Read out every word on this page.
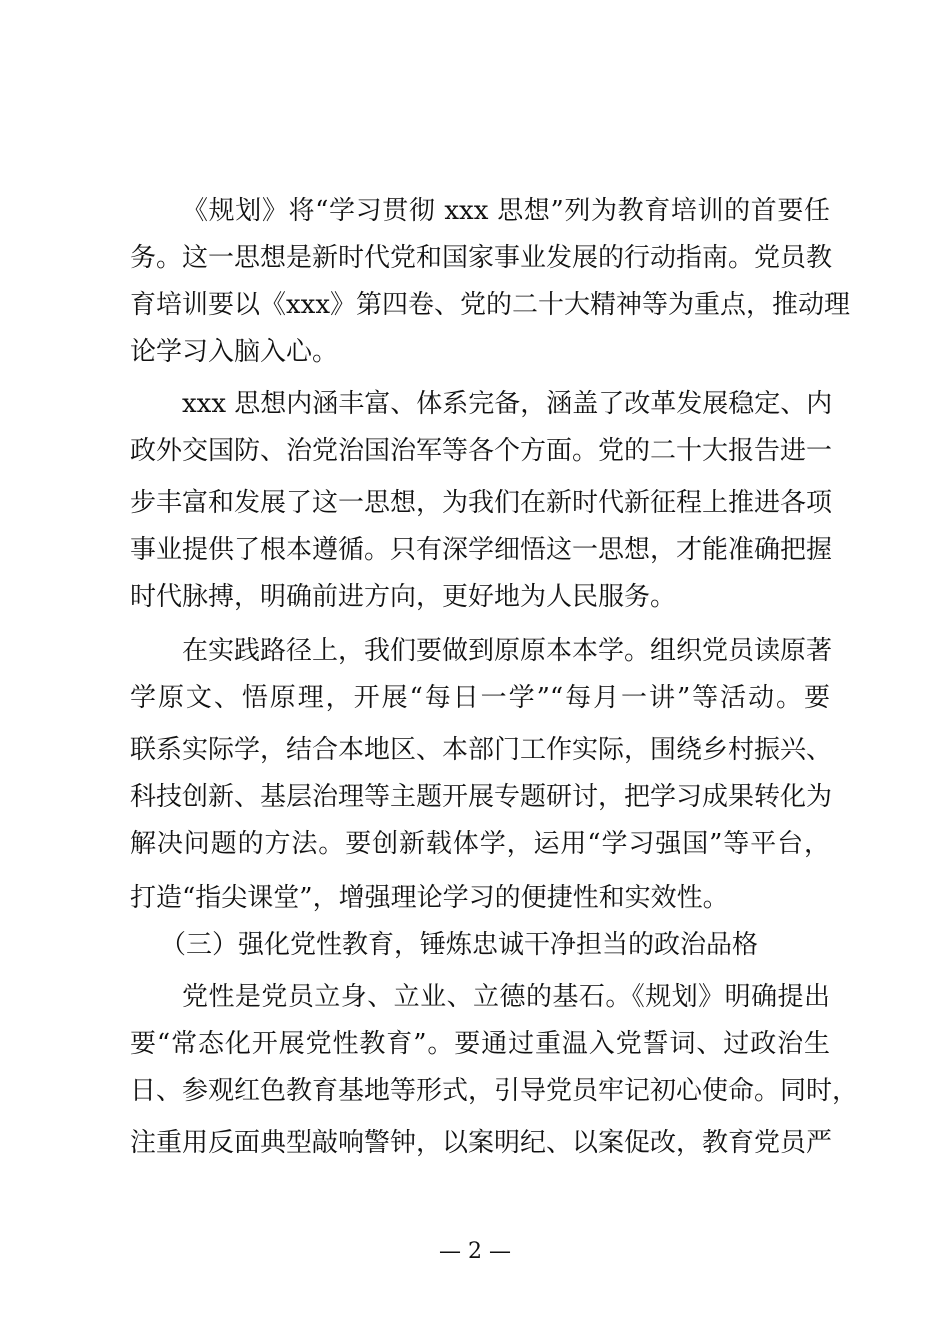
《规划》将“学习贯彻 xxx 思想”列为教育培训的首要任
务。这一思想是新时代党和国家事业发展的行动指南。党员教
育培训要以《xxx》第四卷、党的二十大精神等为重点，推动理
论学习入脑入心。
xxx 思想内涵丰富、体系完备，涵盖了改革发展稳定、内
政外交国防、治党治国治军等各个方面。党的二十大报告进一
步丰富和发展了这一思想，为我们在新时代新征程上推进各项
事业提供了根本遵循。只有深学细悟这一思想，才能准确把握
时代脉搏，明确前进方向，更好地为人民服务。
在实践路径上，我们要做到原原本本学。组织党员读原著
学原文、悟原理，开展“每日一学”“每月一讲”等活动。要
联系实际学，结合本地区、本部门工作实际，围绕乡村振兴、
科技创新、基层治理等主题开展专题研讨，把学习成果转化为
解决问题的方法。要创新载体学，运用“学习强国”等平台，
打造“指尖课堂”，增强理论学习的便捷性和实效性。
（三）强化党性教育，锤炼忠诚干净担当的政治品格
党性是党员立身、立业、立德的基石。《规划》明确提出
要“常态化开展党性教育”。要通过重温入党誓词、过政治生
日、参观红色教育基地等形式，引导党员牢记初心使命。同时，
注重用反面典型敲响警钟，以案明纪、以案促改，教育党员严
— 2 —
